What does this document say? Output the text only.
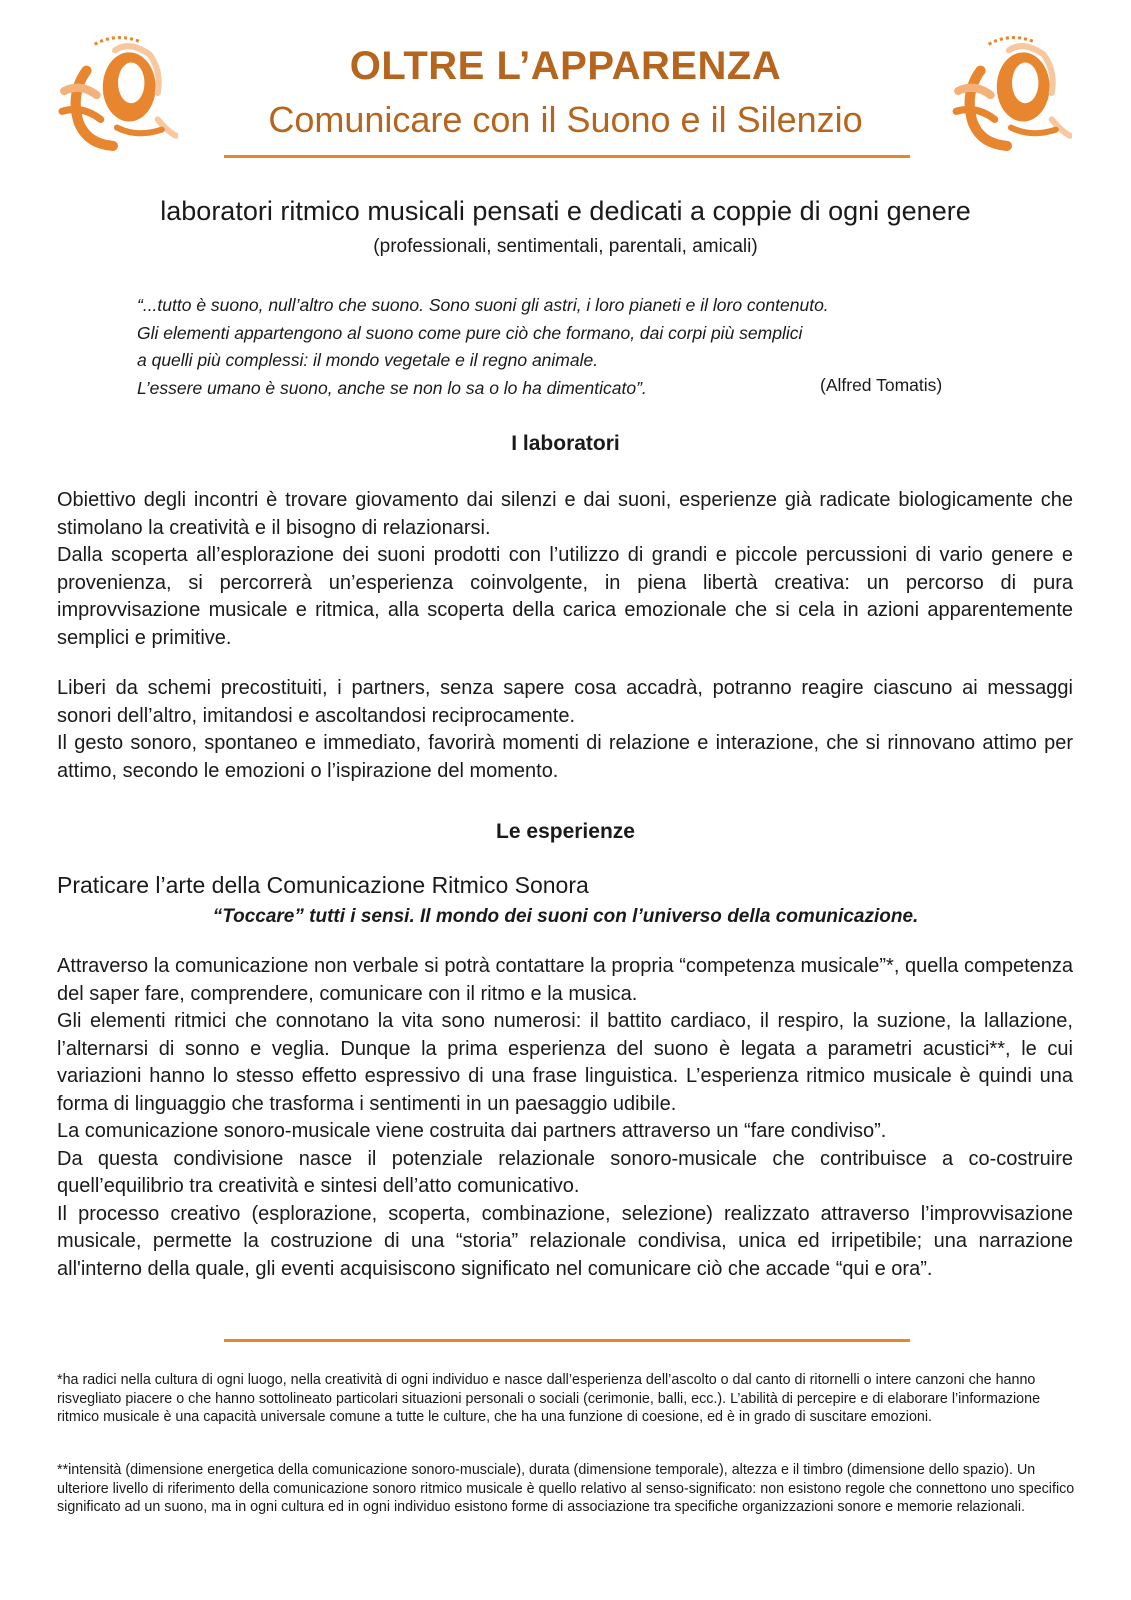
OLTRE L’APPARENZA
Comunicare con il Suono e il Silenzio
laboratori ritmico musicali pensati e dedicati a coppie di ogni genere
(professionali, sentimentali, parentali, amicali)
“...tutto è suono, null’altro che suono. Sono suoni gli astri, i loro pianeti e il loro contenuto.
Gli elementi appartengono al suono come pure ciò che formano, dai corpi più semplici
a quelli più complessi: il mondo vegetale e il regno animale.
L’essere umano è suono, anche se non lo sa o lo ha dimenticato”.	(Alfred Tomatis)
I laboratori
Obiettivo degli incontri è trovare giovamento dai silenzi e dai suoni, esperienze già radicate biologicamente che stimolano la creatività e il bisogno di relazionarsi.
Dalla scoperta all’esplorazione dei suoni prodotti con l’utilizzo di grandi e piccole percussioni di vario genere e provenienza, si percorrerà un’esperienza coinvolgente, in piena libertà creativa: un percorso di pura improvvisazione musicale e ritmica, alla scoperta della carica emozionale che si cela in azioni apparentemente semplici e primitive.
Liberi da schemi precostituiti, i partners, senza sapere cosa accadrà, potranno reagire ciascuno ai messaggi sonori dell’altro, imitandosi e ascoltandosi reciprocamente.
Il gesto sonoro, spontaneo e immediato, favorirà momenti di relazione e interazione, che si rinnovano attimo per attimo, secondo le emozioni o l’ispirazione del momento.
Le esperienze
Praticare l’arte della Comunicazione Ritmico Sonora
“Toccare” tutti i sensi. Il mondo dei suoni con l’universo della comunicazione.
Attraverso la comunicazione non verbale si potrà contattare la propria “competenza musicale”*, quella competenza del saper fare, comprendere, comunicare con il ritmo e la musica.
Gli elementi ritmici che connotano la vita sono numerosi: il battito cardiaco, il respiro, la suzione, la lallazione, l’alternarsi di sonno e veglia. Dunque la prima esperienza del suono è legata a parametri acustici**, le cui variazioni hanno lo stesso effetto espressivo di una frase linguistica. L’esperienza ritmico musicale è quindi una forma di linguaggio che trasforma i sentimenti in un paesaggio udibile.
La comunicazione sonoro-musicale viene costruita dai partners attraverso un “fare condiviso”.
Da questa condivisione nasce il potenziale relazionale sonoro-musicale che contribuisce a co-costruire quell’equilibrio tra creatività e sintesi dell’atto comunicativo.
Il processo creativo (esplorazione, scoperta, combinazione, selezione) realizzato attraverso l’improvvisazione musicale, permette la costruzione di una “storia” relazionale condivisa, unica ed irripetibile; una narrazione all'interno della quale, gli eventi acquisiscono significato nel comunicare ciò che accade “qui e ora”.
*ha radici nella cultura di ogni luogo, nella creatività di ogni individuo e nasce dall’esperienza dell’ascolto o dal canto di ritornelli o intere canzoni che hanno risvegliato piacere o che hanno sottolineato particolari situazioni personali o sociali (cerimonie, balli, ecc.). L’abilità di percepire e di elaborare l’informazione ritmico musicale è una capacità universale comune a tutte le culture, che ha una funzione di coesione, ed è in grado di suscitare emozioni.
**intensità (dimensione energetica della comunicazione sonoro-musciale), durata (dimensione temporale), altezza e il timbro (dimensione dello spazio). Un ulteriore livello di riferimento della comunicazione sonoro ritmico musicale è quello relativo al senso-significato: non esistono regole che connettono uno specifico significato ad un suono, ma in ogni cultura ed in ogni individuo esistono forme di associazione tra specifiche organizzazioni sonore e memorie relazionali.
